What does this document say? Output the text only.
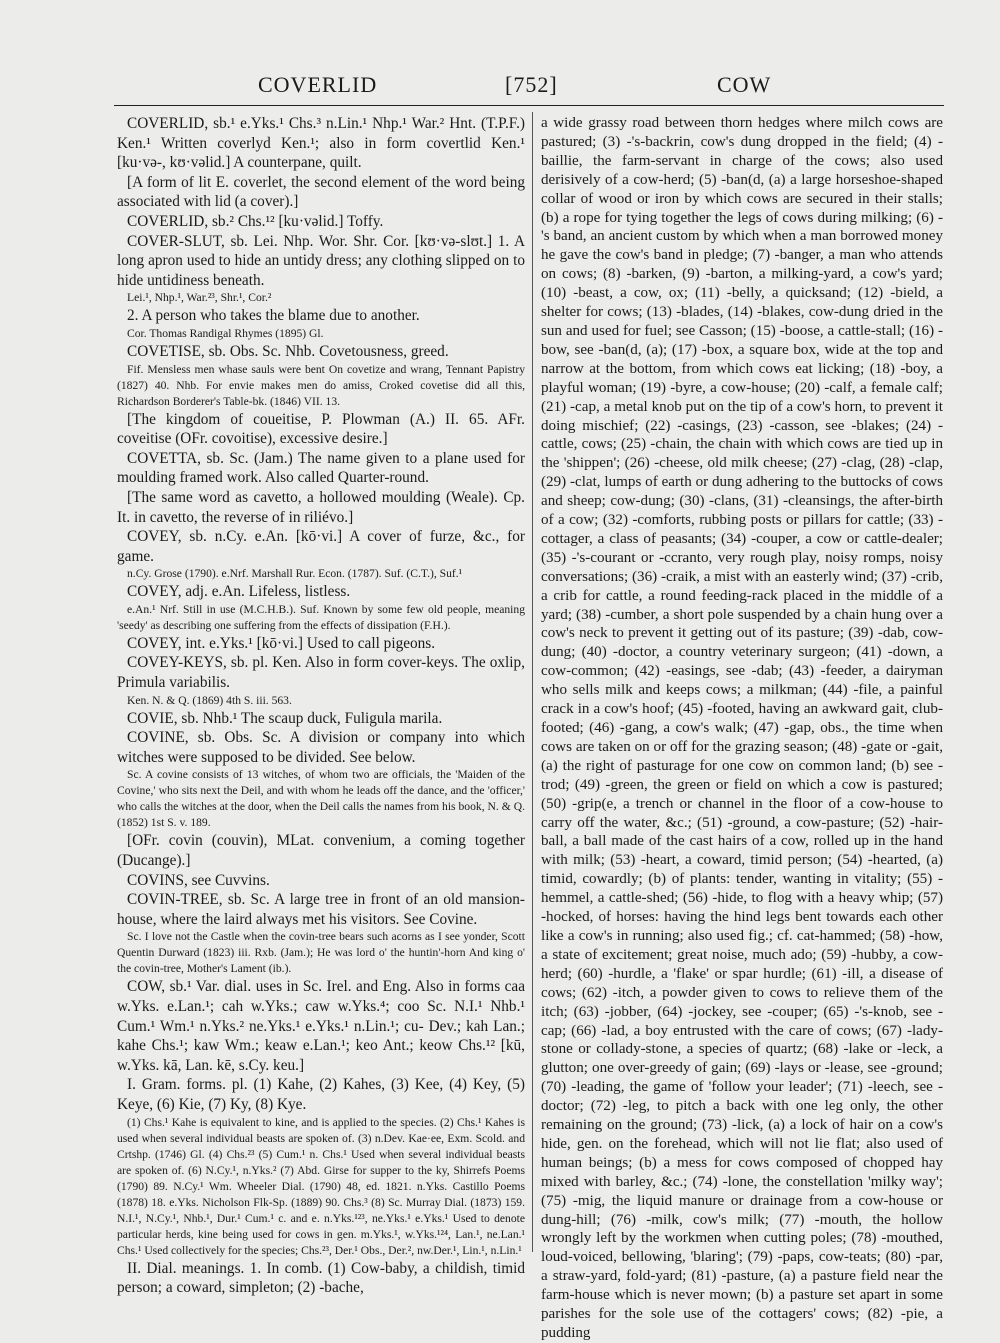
COVERLID	[752]	COW

COVERLID, sb.¹ e.Yks.¹ Chs.³ n.Lin.¹ Nhp.¹ War.² Hnt. (T.P.F.) Ken.¹ Written coverlyd Ken.¹; also in form covertlid Ken.¹ [ku·və-, kʊ·vəlid.] A counterpane, quilt.

[A form of lit E. coverlet, the second element of the word being associated with lid (a cover).]

COVERLID, sb.² Chs.¹² [ku·vəlid.] Toffy.

COVER-SLUT, sb. Lei. Nhp. Wor. Shr. Cor. [kʊ·və-slʊt.] 1. A long apron used to hide an untidy dress; any clothing slipped on to hide untidiness beneath.

Lei.¹, Nhp.¹, War.²³, Shr.¹, Cor.²

2. A person who takes the blame due to another.

Cor. Thomas Randigal Rhymes (1895) Gl.

COVETISE, sb. Obs. Sc. Nhb. Covetousness, greed.

Fif. Mensless men whase sauls were bent On covetize and wrang, Tennant Papistry (1827) 40. Nhb. For envie makes men do amiss, Croked covetise did all this, Richardson Borderer's Table-bk. (1846) VII. 13.

[The kingdom of coueitise, P. Plowman (A.) II. 65. AFr. coveitise (OFr. covoitise), excessive desire.]

COVETTA, sb. Sc. (Jam.) The name given to a plane used for moulding framed work. Also called Quarter-round.

[The same word as cavetto, a hollowed moulding (Weale). Cp. It. in cavetto, the reverse of in riliévo.]

COVEY, sb. n.Cy. e.An. [kō·vi.] A cover of furze, &c., for game.

n.Cy. Grose (1790). e.Nrf. Marshall Rur. Econ. (1787). Suf. (C.T.), Suf.¹

COVEY, adj. e.An. Lifeless, listless.

e.An.¹ Nrf. Still in use (M.C.H.B.). Suf. Known by some few old people, meaning 'seedy' as describing one suffering from the effects of dissipation (F.H.).

COVEY, int. e.Yks.¹ [kō·vi.] Used to call pigeons.

COVEY-KEYS, sb. pl. Ken. Also in form cover-keys. The oxlip, Primula variabilis.

Ken. N. & Q. (1869) 4th S. iii. 563.

COVIE, sb. Nhb.¹ The scaup duck, Fuligula marila.

COVINE, sb. Obs. Sc. A division or company into which witches were supposed to be divided. See below.

Sc. A covine consists of 13 witches, of whom two are officials, the 'Maiden of the Covine,' who sits next the Deil, and with whom he leads off the dance, and the 'officer,' who calls the witches at the door, when the Deil calls the names from his book, N. & Q. (1852) 1st S. v. 189.

[OFr. covin (couvin), MLat. convenium, a coming together (Ducange).]

COVINS, see Cuvvins.

COVIN-TREE, sb. Sc. A large tree in front of an old mansion-house, where the laird always met his visitors. See Covine.

Sc. I love not the Castle when the covin-tree bears such acorns as I see yonder, Scott Quentin Durward (1823) iii. Rxb. (Jam.); He was lord o' the huntin'-horn And king o' the covin-tree, Mother's Lament (ib.).

COW, sb.¹ Var. dial. uses in Sc. Irel. and Eng. Also in forms caa w.Yks. e.Lan.¹; cah w.Yks.; caw w.Yks.⁴; coo Sc. N.I.¹ Nhb.¹ Cum.¹ Wm.¹ n.Yks.² ne.Yks.¹ e.Yks.¹ n.Lin.¹; cu- Dev.; kah Lan.; kahe Chs.¹; kaw Wm.; keaw e.Lan.¹; keo Ant.; keow Chs.¹² [kū, w.Yks. kā, Lan. kē, s.Cy. keu.]

I. Gram. forms. pl. (1) Kahe, (2) Kahes, (3) Kee, (4) Key, (5) Keye, (6) Kie, (7) Ky, (8) Kye.

(1) Chs.¹ Kahe is equivalent to kine, and is applied to the species. (2) Chs.¹ Kahes is used when several individual beasts are spoken of. (3) n.Dev. Kae·ee, Exm. Scold. and Crtshp. (1746) Gl. (4) Chs.²³ (5) Cum.¹ n. Chs.¹ Used when several individual beasts are spoken of. (6) N.Cy.¹, n.Yks.² (7) Abd. Girse for supper to the ky, Shirrefs Poems (1790) 89. N.Cy.¹ Wm. Wheeler Dial. (1790) 48, ed. 1821. n.Yks. Castillo Poems (1878) 18. e.Yks. Nicholson Flk-Sp. (1889) 90. Chs.³ (8) Sc. Murray Dial. (1873) 159. N.I.¹, N.Cy.¹, Nhb.¹, Dur.¹ Cum.¹ c. and e. n.Yks.¹²³, ne.Yks.¹ e.Yks.¹ Used to denote particular herds, kine being used for cows in gen. m.Yks.¹, w.Yks.¹²⁴, Lan.¹, ne.Lan.¹ Chs.¹ Used collectively for the species; Chs.²³, Der.¹ Obs., Der.², nw.Der.¹, Lin.¹, n.Lin.¹

II. Dial. meanings. 1. In comb. (1) Cow-baby, a childish, timid person; a coward, simpleton; (2) -bache,

a wide grassy road between thorn hedges where milch cows are pastured; (3) -'s-backrin, cow's dung dropped in the field; (4) -baillie, the farm-servant in charge of the cows; also used derisively of a cow-herd; (5) -ban(d, (a) a large horseshoe-shaped collar of wood or iron by which cows are secured in their stalls; (b) a rope for tying together the legs of cows during milking; (6) -'s band, an ancient custom by which when a man borrowed money he gave the cow's band in pledge; (7) -banger, a man who attends on cows; (8) -barken, (9) -barton, a milking-yard, a cow's yard; (10) -beast, a cow, ox; (11) -belly, a quicksand; (12) -bield, a shelter for cows; (13) -blades, (14) -blakes, cow-dung dried in the sun and used for fuel; see Casson; (15) -boose, a cattle-stall; (16) -bow, see -ban(d, (a); (17) -box, a square box, wide at the top and narrow at the bottom, from which cows eat licking; (18) -boy, a playful woman; (19) -byre, a cow-house; (20) -calf, a female calf; (21) -cap, a metal knob put on the tip of a cow's horn, to prevent it doing mischief; (22) -casings, (23) -casson, see -blakes; (24) -cattle, cows; (25) -chain, the chain with which cows are tied up in the 'shippen'; (26) -cheese, old milk cheese; (27) -clag, (28) -clap, (29) -clat, lumps of earth or dung adhering to the buttocks of cows and sheep; cow-dung; (30) -clans, (31) -cleansings, the after-birth of a cow; (32) -comforts, rubbing posts or pillars for cattle; (33) -cottager, a class of peasants; (34) -couper, a cow or cattle-dealer; (35) -'s-courant or -ccranto, very rough play, noisy romps, noisy conversations; (36) -craik, a mist with an easterly wind; (37) -crib, a crib for cattle, a round feeding-rack placed in the middle of a yard; (38) -cumber, a short pole suspended by a chain hung over a cow's neck to prevent it getting out of its pasture; (39) -dab, cow-dung; (40) -doctor, a country veterinary surgeon; (41) -down, a cow-common; (42) -easings, see -dab; (43) -feeder, a dairyman who sells milk and keeps cows; a milkman; (44) -file, a painful crack in a cow's hoof; (45) -footed, having an awkward gait, club-footed; (46) -gang, a cow's walk; (47) -gap, obs., the time when cows are taken on or off for the grazing season; (48) -gate or -gait, (a) the right of pasturage for one cow on common land; (b) see -trod; (49) -green, the green or field on which a cow is pastured; (50) -grip(e, a trench or channel in the floor of a cow-house to carry off the water, &c.; (51) -ground, a cow-pasture; (52) -hair-ball, a ball made of the cast hairs of a cow, rolled up in the hand with milk; (53) -heart, a coward, timid person; (54) -hearted, (a) timid, cowardly; (b) of plants: tender, wanting in vitality; (55) -hemmel, a cattle-shed; (56) -hide, to flog with a heavy whip; (57) -hocked, of horses: having the hind legs bent towards each other like a cow's in running; also used fig.; cf. cat-hammed; (58) -how, a state of excitement; great noise, much ado; (59) -hubby, a cow-herd; (60) -hurdle, a 'flake' or spar hurdle; (61) -ill, a disease of cows; (62) -itch, a powder given to cows to relieve them of the itch; (63) -jobber, (64) -jockey, see -couper; (65) -'s-knob, see -cap; (66) -lad, a boy entrusted with the care of cows; (67) -lady-stone or collady-stone, a species of quartz; (68) -lake or -leck, a glutton; one over-greedy of gain; (69) -lays or -lease, see -ground; (70) -leading, the game of 'follow your leader'; (71) -leech, see -doctor; (72) -leg, to pitch a back with one leg only, the other remaining on the ground; (73) -lick, (a) a lock of hair on a cow's hide, gen. on the forehead, which will not lie flat; also used of human beings; (b) a mess for cows composed of chopped hay mixed with barley, &c.; (74) -lone, the constellation 'milky way'; (75) -mig, the liquid manure or drainage from a cow-house or dung-hill; (76) -milk, cow's milk; (77) -mouth, the hollow wrongly left by the workmen when cutting poles; (78) -mouthed, loud-voiced, bellowing, 'blaring'; (79) -paps, cow-teats; (80) -par, a straw-yard, fold-yard; (81) -pasture, (a) a pasture field near the farm-house which is never mown; (b) a pasture set apart in some parishes for the sole use of the cottagers' cows; (82) -pie, a pudding
